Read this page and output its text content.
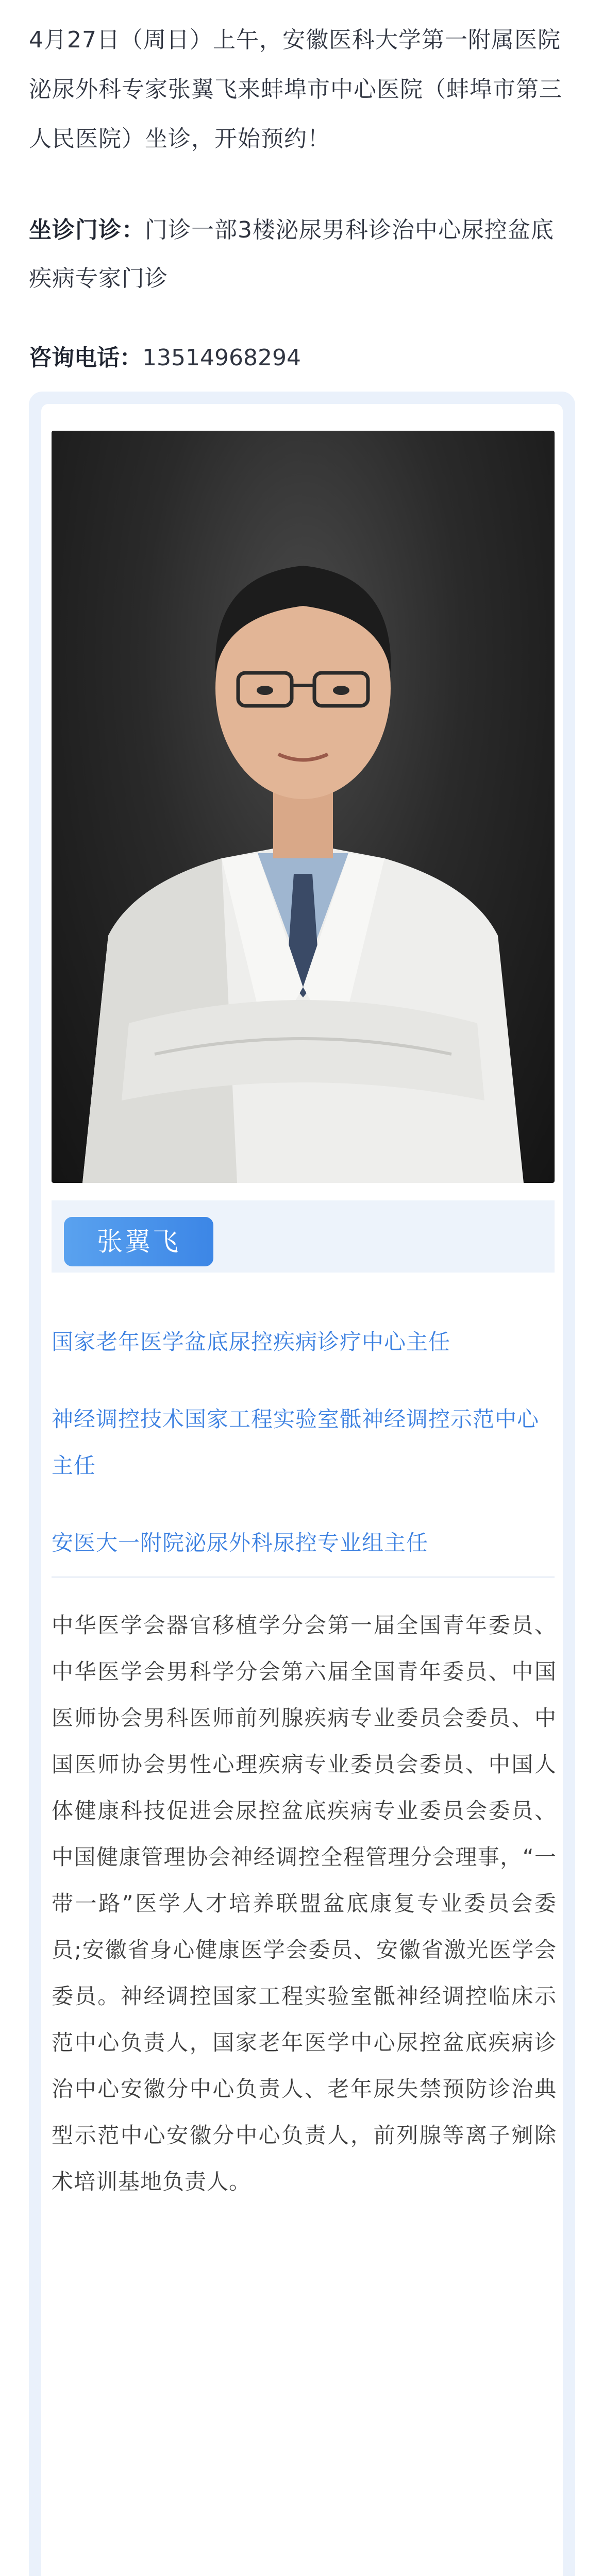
4月27日（周日）上午，安徽医科大学第一附属医院泌尿外科专家张翼飞来蚌埠市中心医院（蚌埠市第三人民医院）坐诊，开始预约！
坐诊门诊：门诊一部3楼泌尿男科诊治中心尿控盆底疾病专家门诊
咨询电话：13514968294
张翼飞

国家老年医学盆底尿控疾病诊疗中心主任

神经调控技术国家工程实验室骶神经调控示范中心主任

安医大一附院泌尿外科尿控专业组主任

中华医学会器官移植学分会第一届全国青年委员、中华医学会男科学分会第六届全国青年委员、中国医师协会男科医师前列腺疾病专业委员会委员、中国医师协会男性心理疾病专业委员会委员、中国人体健康科技促进会尿控盆底疾病专业委员会委员、中国健康管理协会神经调控全程管理分会理事，“一带一路”医学人才培养联盟盆底康复专业委员会委员;安徽省身心健康医学会委员、安徽省激光医学会委员。神经调控国家工程实验室骶神经调控临床示范中心负责人，国家老年医学中心尿控盆底疾病诊治中心安徽分中心负责人、老年尿失禁预防诊治典型示范中心安徽分中心负责人，前列腺等离子剜除术培训基地负责人。
